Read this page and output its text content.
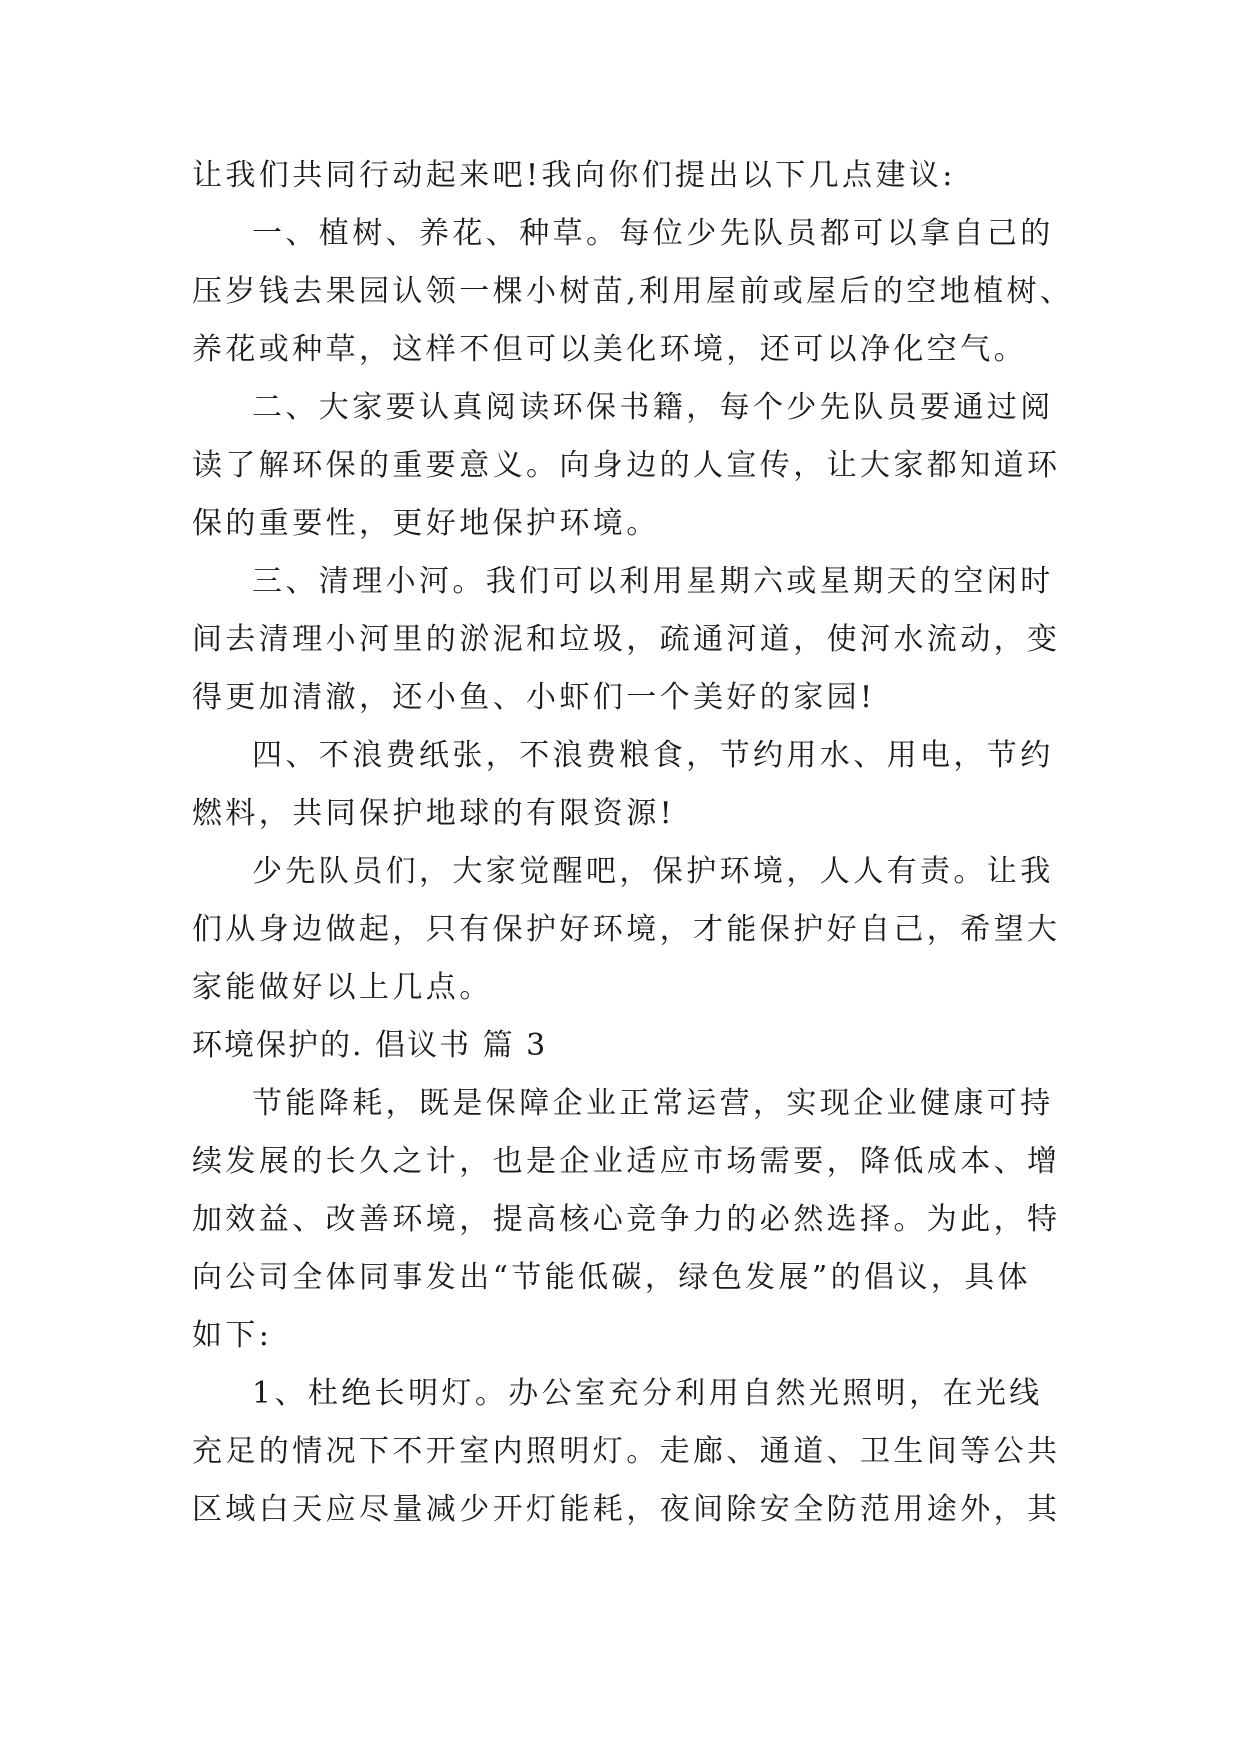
让我们共同行动起来吧!我向你们提出以下几点建议:

一、植树、养花、种草。每位少先队员都可以拿自己的

压岁钱去果园认领一棵小树苗,利用屋前或屋后的空地植树、

养花或种草，这样不但可以美化环境，还可以净化空气。

二、大家要认真阅读环保书籍，每个少先队员要通过阅

读了解环保的重要意义。向身边的人宣传，让大家都知道环

保的重要性，更好地保护环境。

三、清理小河。我们可以利用星期六或星期天的空闲时

间去清理小河里的淤泥和垃圾，疏通河道，使河水流动，变

得更加清澈，还小鱼、小虾们一个美好的家园!

四、不浪费纸张，不浪费粮食，节约用水、用电，节约

燃料，共同保护地球的有限资源!

少先队员们，大家觉醒吧，保护环境，人人有责。让我

们从身边做起，只有保护好环境，才能保护好自己，希望大

家能做好以上几点。

环境保护的. 倡议书 篇 3

节能降耗，既是保障企业正常运营，实现企业健康可持

续发展的长久之计，也是企业适应市场需要，降低成本、增

加效益、改善环境，提高核心竞争力的必然选择。为此，特

向公司全体同事发出“节能低碳，绿色发展”的倡议，具体

如下:

1、杜绝长明灯。办公室充分利用自然光照明，在光线

充足的情况下不开室内照明灯。走廊、通道、卫生间等公共

区域白天应尽量减少开灯能耗，夜间除安全防范用途外，其
